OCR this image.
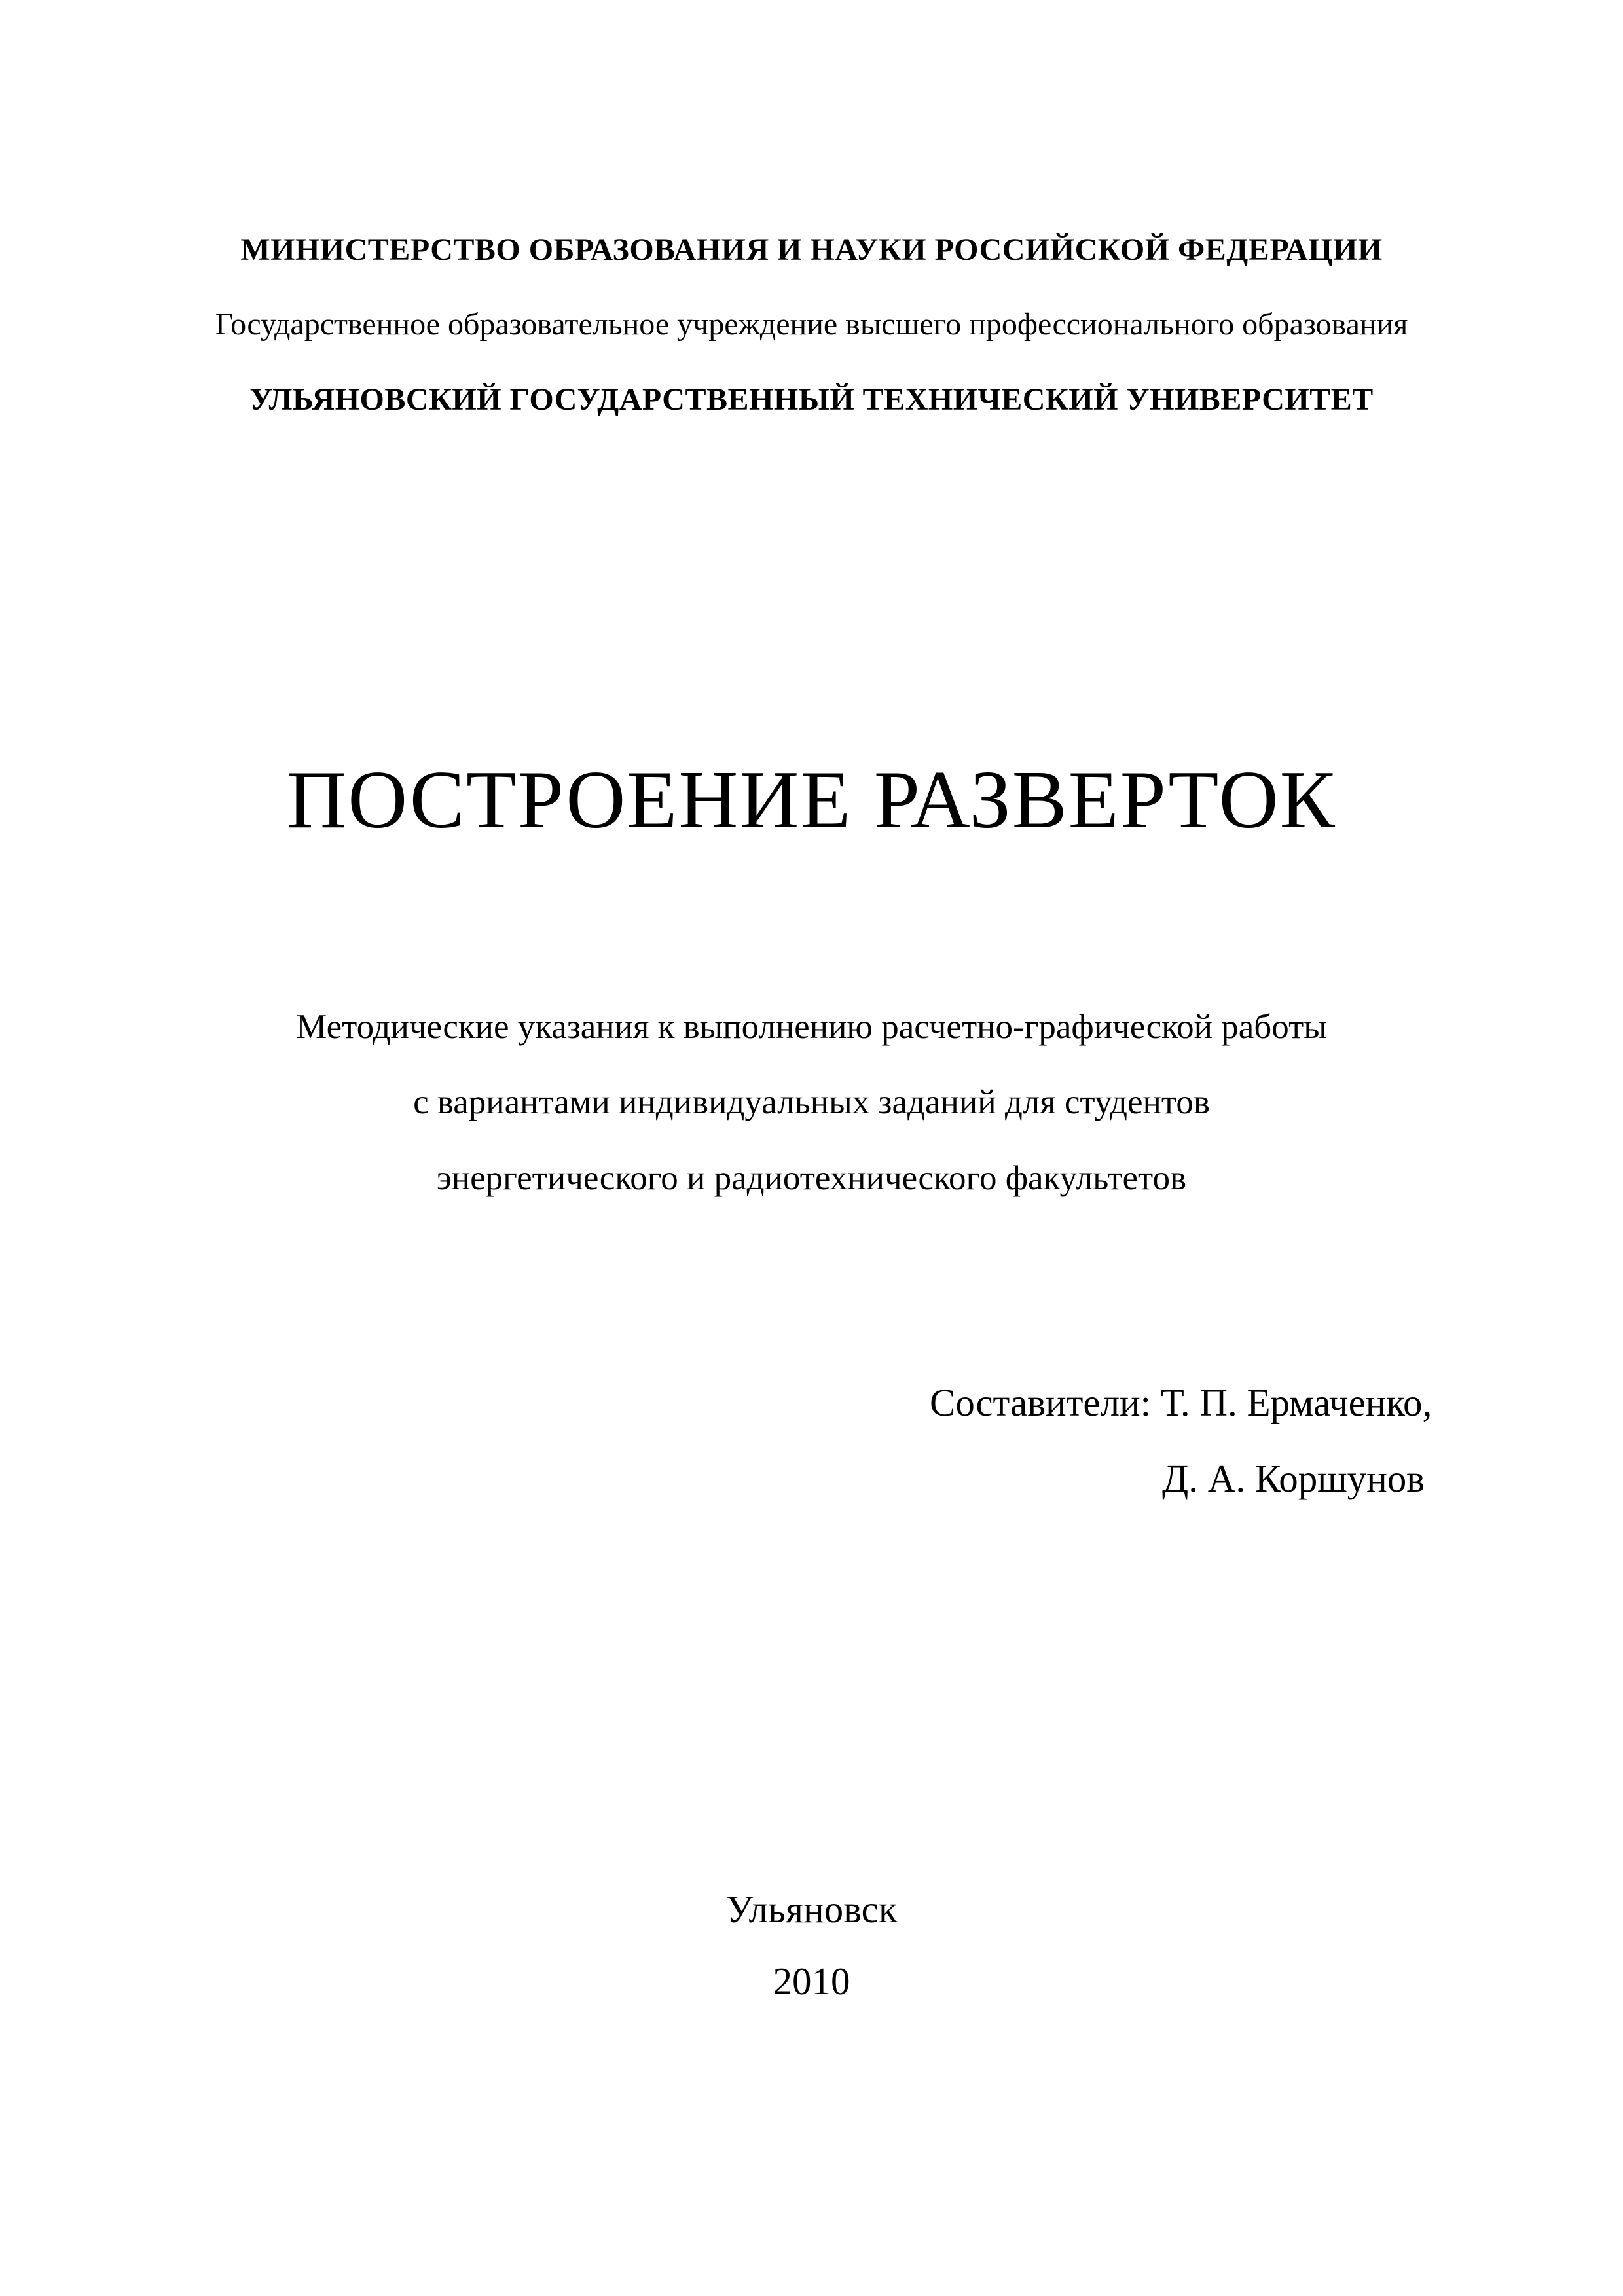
МИНИСТЕРСТВО ОБРАЗОВАНИЯ И НАУКИ РОССИЙСКОЙ ФЕДЕРАЦИИ
Государственное образовательное учреждение высшего профессионального образования
УЛЬЯНОВСКИЙ ГОСУДАРСТВЕННЫЙ ТЕХНИЧЕСКИЙ УНИВЕРСИТЕТ
ПОСТРОЕНИЕ РАЗВЕРТОК
Методические указания к выполнению расчетно-графической работы
с вариантами индивидуальных заданий для студентов
энергетического и радиотехнического факультетов
Составители: Т. П. Ермаченко,
Д. А. Коршунов
Ульяновск
2010
